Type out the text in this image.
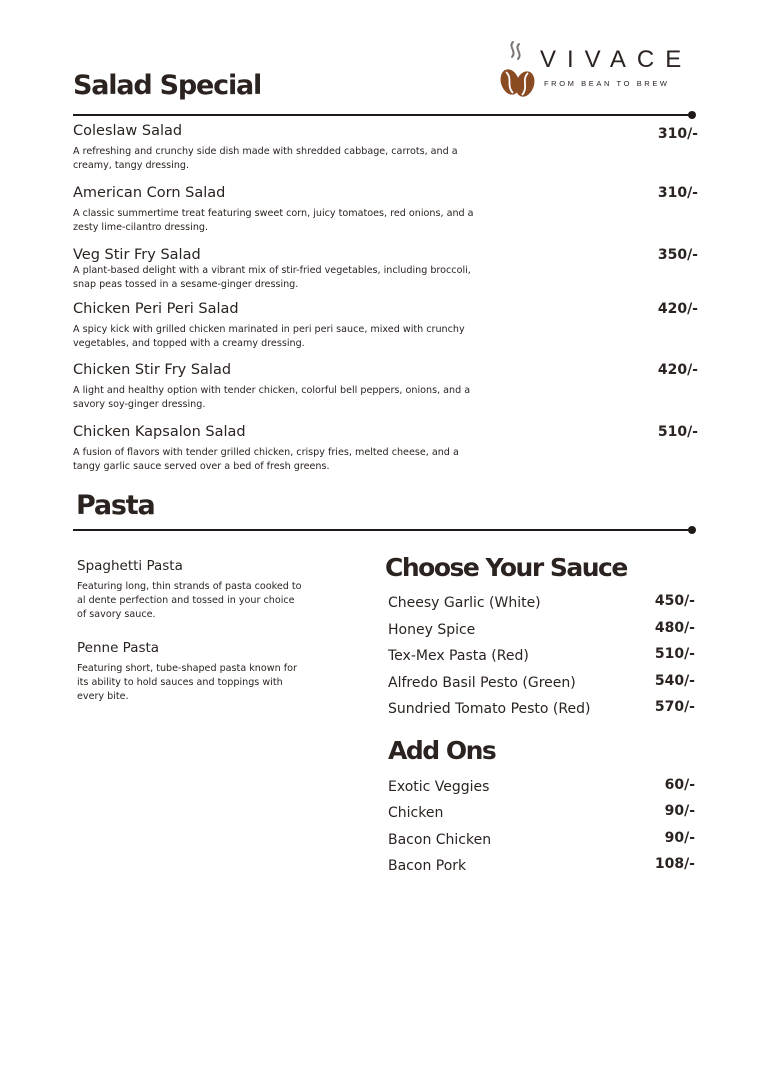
VIVACE
FROM BEAN TO BREW
Salad Special
Coleslaw Salad	310/-
A refreshing and crunchy side dish made with shredded cabbage, carrots, and a creamy, tangy dressing.
American Corn Salad	310/-
A classic summertime treat featuring sweet corn, juicy tomatoes, red onions, and a zesty lime-cilantro dressing.
Veg Stir Fry Salad	350/-
A plant-based delight with a vibrant mix of stir-fried vegetables, including broccoli, snap peas tossed in a sesame-ginger dressing.
Chicken Peri Peri Salad	420/-
A spicy kick with grilled chicken marinated in peri peri sauce, mixed with crunchy vegetables, and topped with a creamy dressing.
Chicken Stir Fry Salad	420/-
A light and healthy option with tender chicken, colorful bell peppers, onions, and a savory soy-ginger dressing.
Chicken Kapsalon Salad	510/-
A fusion of flavors with tender grilled chicken, crispy fries, melted cheese, and a tangy garlic sauce served over a bed of fresh greens.
Pasta
Spaghetti Pasta
Featuring long, thin strands of pasta cooked to al dente perfection and tossed in your choice of savory sauce.
Penne Pasta
Featuring short, tube-shaped pasta known for its ability to hold sauces and toppings with every bite.
Choose Your Sauce
Cheesy Garlic (White)	450/-
Honey Spice	480/-
Tex-Mex Pasta (Red)	510/-
Alfredo Basil Pesto (Green)	540/-
Sundried Tomato Pesto (Red)	570/-
Add Ons
Exotic Veggies	60/-
Chicken	90/-
Bacon Chicken	90/-
Bacon Pork	108/-
